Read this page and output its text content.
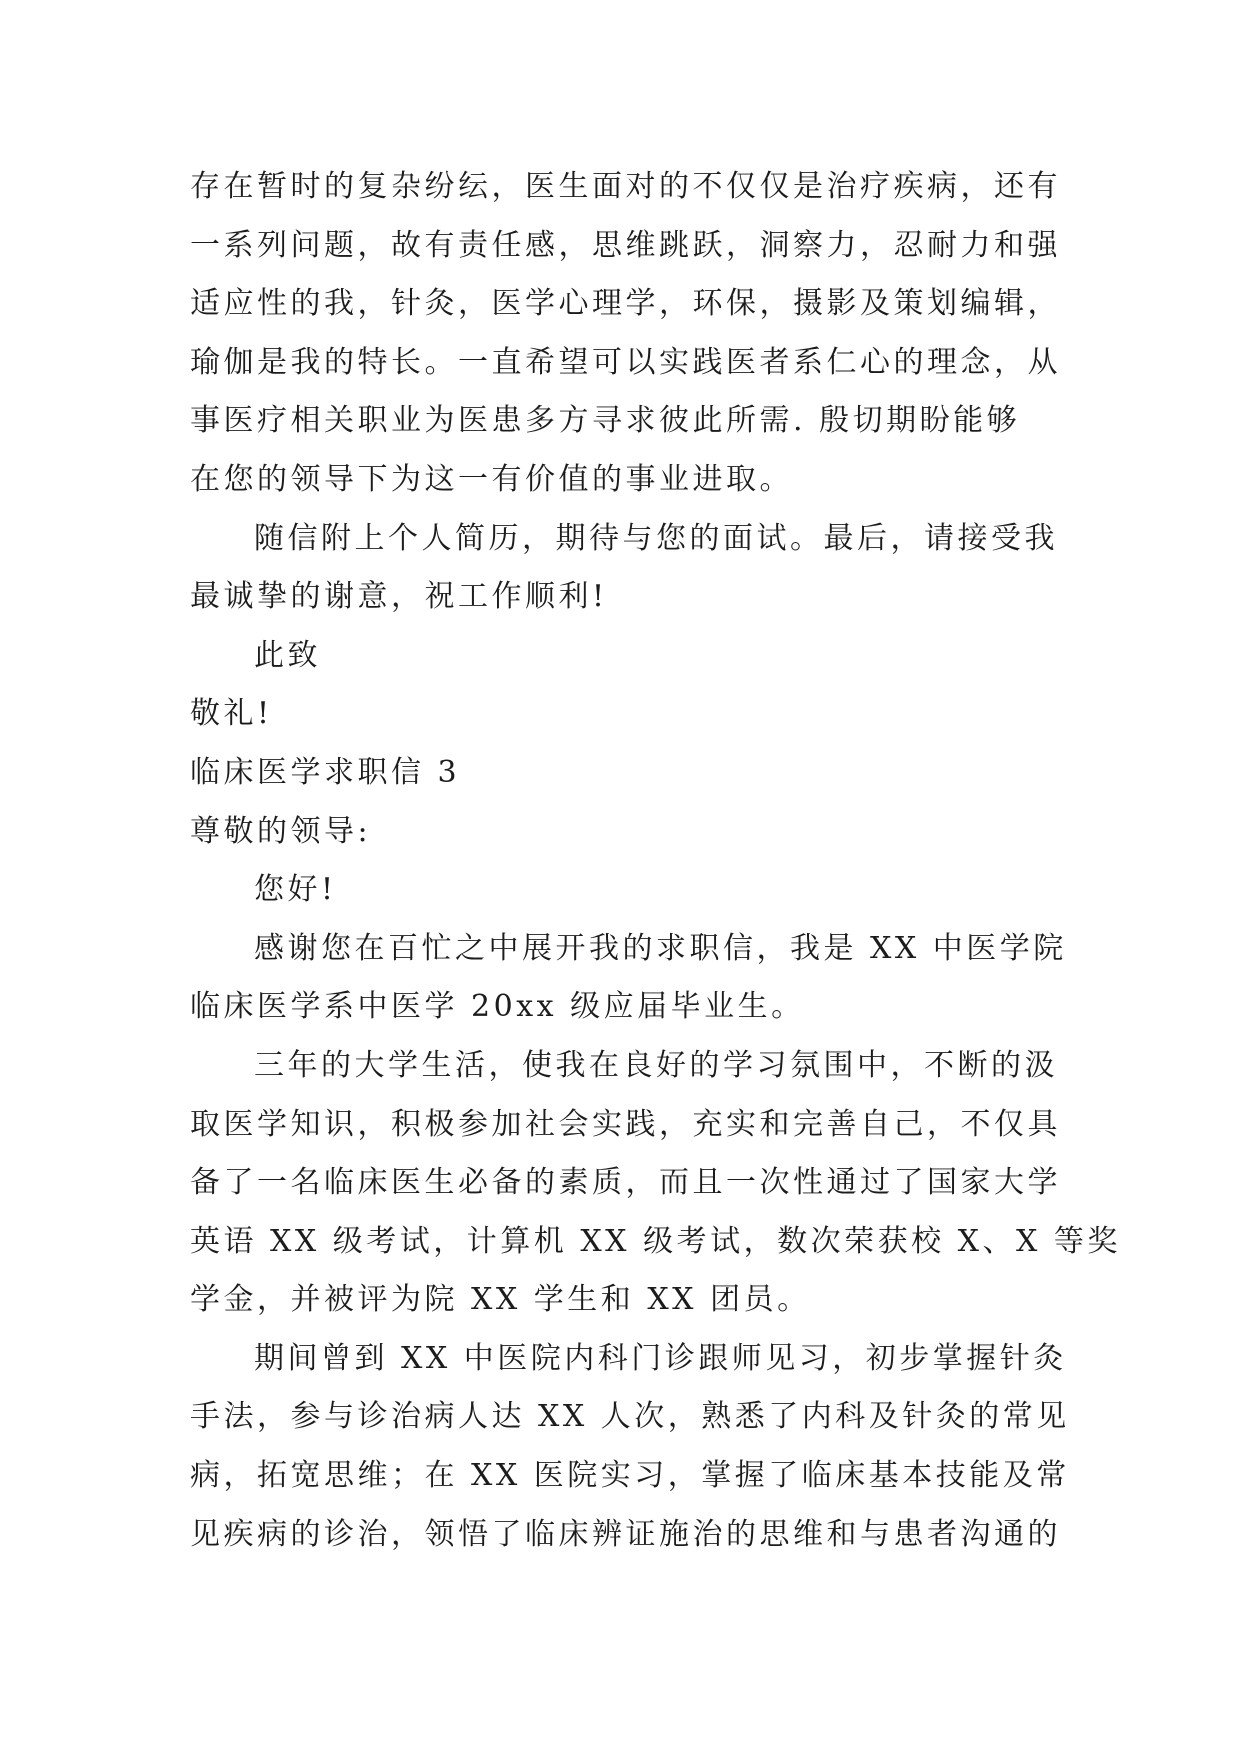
存在暂时的复杂纷纭，医生面对的不仅仅是治疗疾病，还有
一系列问题，故有责任感，思维跳跃，洞察力，忍耐力和强
适应性的我，针灸，医学心理学，环保，摄影及策划编辑，
瑜伽是我的特长。一直希望可以实践医者系仁心的理念，从
事医疗相关职业为医患多方寻求彼此所需. 殷切期盼能够
在您的领导下为这一有价值的事业进取。
随信附上个人简历，期待与您的面试。最后，请接受我
最诚挚的谢意，祝工作顺利!
此致
敬礼!
临床医学求职信 3
尊敬的领导:
您好!
感谢您在百忙之中展开我的求职信，我是 XX 中医学院
临床医学系中医学 20xx 级应届毕业生。
三年的大学生活，使我在良好的学习氛围中，不断的汲
取医学知识，积极参加社会实践，充实和完善自己，不仅具
备了一名临床医生必备的素质，而且一次性通过了国家大学
英语 XX 级考试，计算机 XX 级考试，数次荣获校 X、X 等奖
学金，并被评为院 XX 学生和 XX 团员。
期间曾到 XX 中医院内科门诊跟师见习，初步掌握针灸
手法，参与诊治病人达 XX 人次，熟悉了内科及针灸的常见
病，拓宽思维；在 XX 医院实习，掌握了临床基本技能及常
见疾病的诊治，领悟了临床辨证施治的思维和与患者沟通的
